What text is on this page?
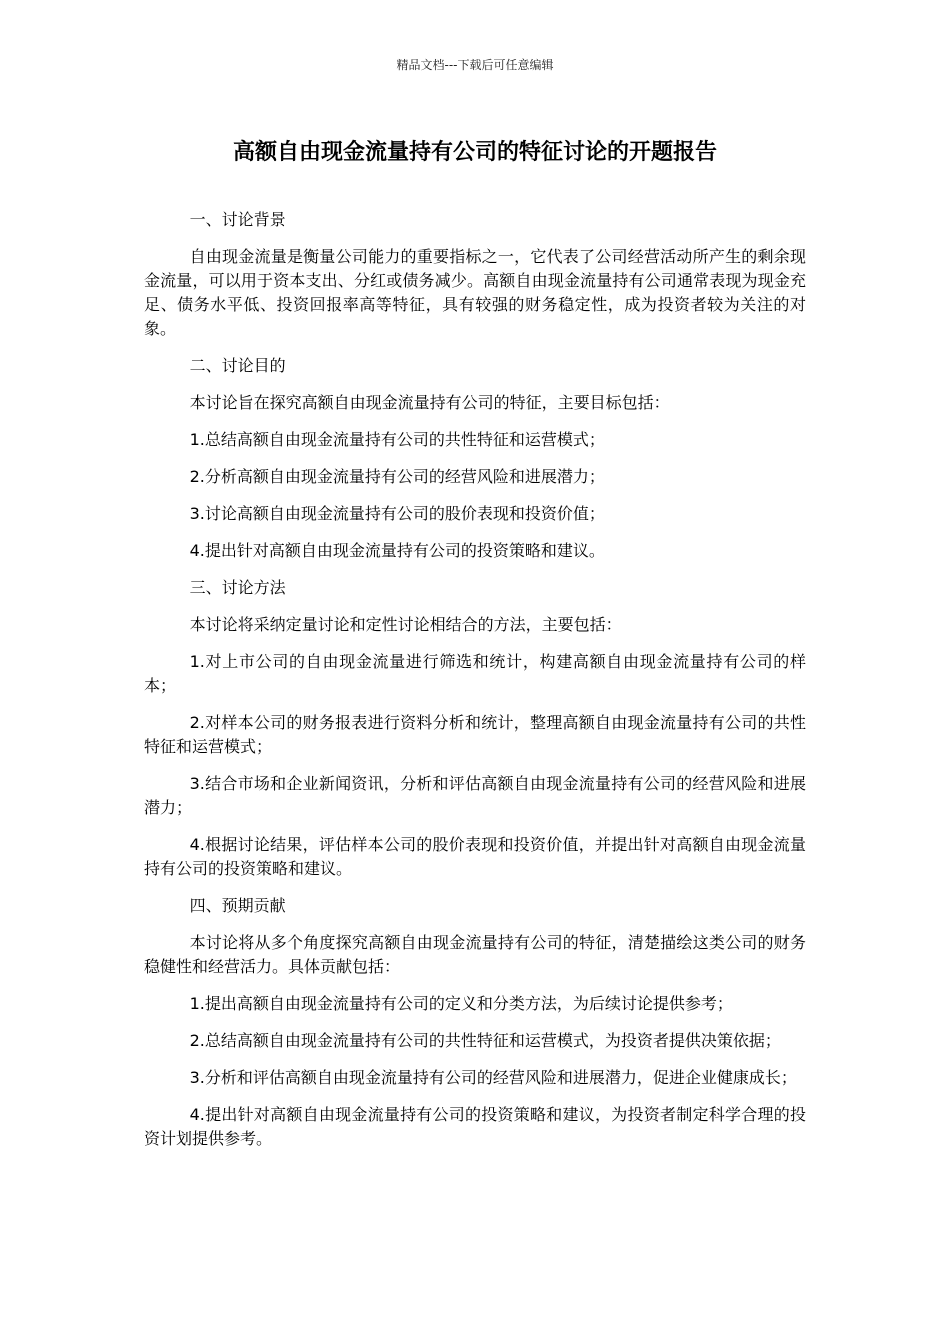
精品文档---下载后可任意编辑
高额自由现金流量持有公司的特征讨论的开题报告

一、讨论背景

自由现金流量是衡量公司能力的重要指标之一，它代表了公司经营活动所产生的剩余现金流量，可以用于资本支出、分红或债务减少。高额自由现金流量持有公司通常表现为现金充足、债务水平低、投资回报率高等特征，具有较强的财务稳定性，成为投资者较为关注的对象。

二、讨论目的

本讨论旨在探究高额自由现金流量持有公司的特征，主要目标包括：

1.总结高额自由现金流量持有公司的共性特征和运营模式；

2.分析高额自由现金流量持有公司的经营风险和进展潜力；

3.讨论高额自由现金流量持有公司的股价表现和投资价值；

4.提出针对高额自由现金流量持有公司的投资策略和建议。

三、讨论方法

本讨论将采纳定量讨论和定性讨论相结合的方法，主要包括：

1.对上市公司的自由现金流量进行筛选和统计，构建高额自由现金流量持有公司的样本；

2.对样本公司的财务报表进行资料分析和统计，整理高额自由现金流量持有公司的共性特征和运营模式；

3.结合市场和企业新闻资讯，分析和评估高额自由现金流量持有公司的经营风险和进展潜力；

4.根据讨论结果，评估样本公司的股价表现和投资价值，并提出针对高额自由现金流量持有公司的投资策略和建议。

四、预期贡献

本讨论将从多个角度探究高额自由现金流量持有公司的特征，清楚描绘这类公司的财务稳健性和经营活力。具体贡献包括：

1.提出高额自由现金流量持有公司的定义和分类方法，为后续讨论提供参考；

2.总结高额自由现金流量持有公司的共性特征和运营模式，为投资者提供决策依据；

3.分析和评估高额自由现金流量持有公司的经营风险和进展潜力，促进企业健康成长；

4.提出针对高额自由现金流量持有公司的投资策略和建议，为投资者制定科学合理的投资计划提供参考。
